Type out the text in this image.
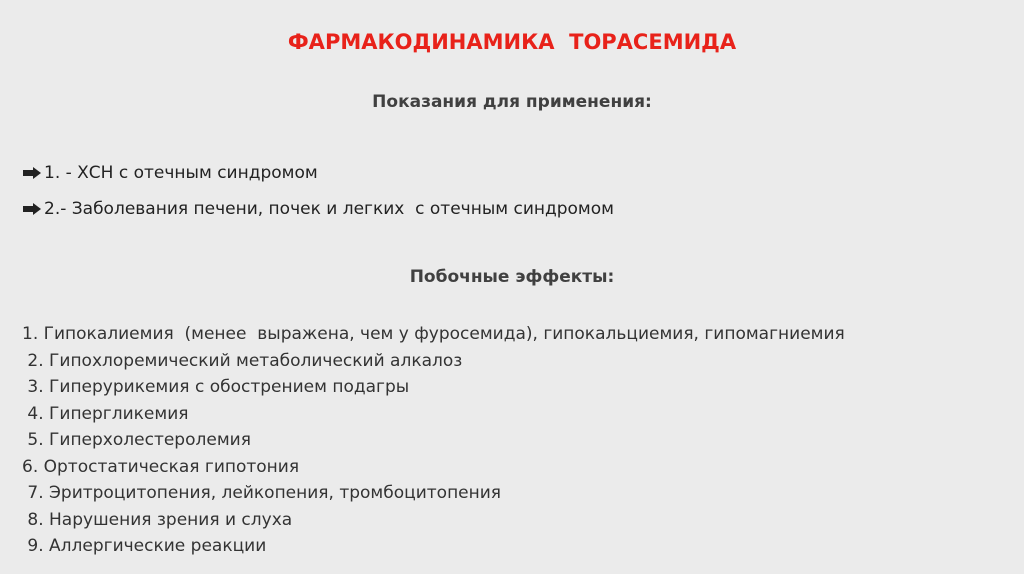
ФАРМАКОДИНАМИКА  ТОРАСЕМИДА
Показания для применения:
1. - ХСН с отечным синдромом
2.- Заболевания печени, почек и легких  с отечным синдромом
Побочные эффекты:
1. Гипокалиемия  (менее  выражена, чем у фуросемида), гипокальциемия, гипомагниемия
2. Гипохлоремический метаболический алкалоз
3. Гиперурикемия с обострением подагры
4. Гипергликемия
5. Гиперхолестеролемия
6. Ортостатическая гипотония
7. Эритроцитопения, лейкопения, тромбоцитопения
8. Нарушения зрения и слуха
9. Аллергические реакции
